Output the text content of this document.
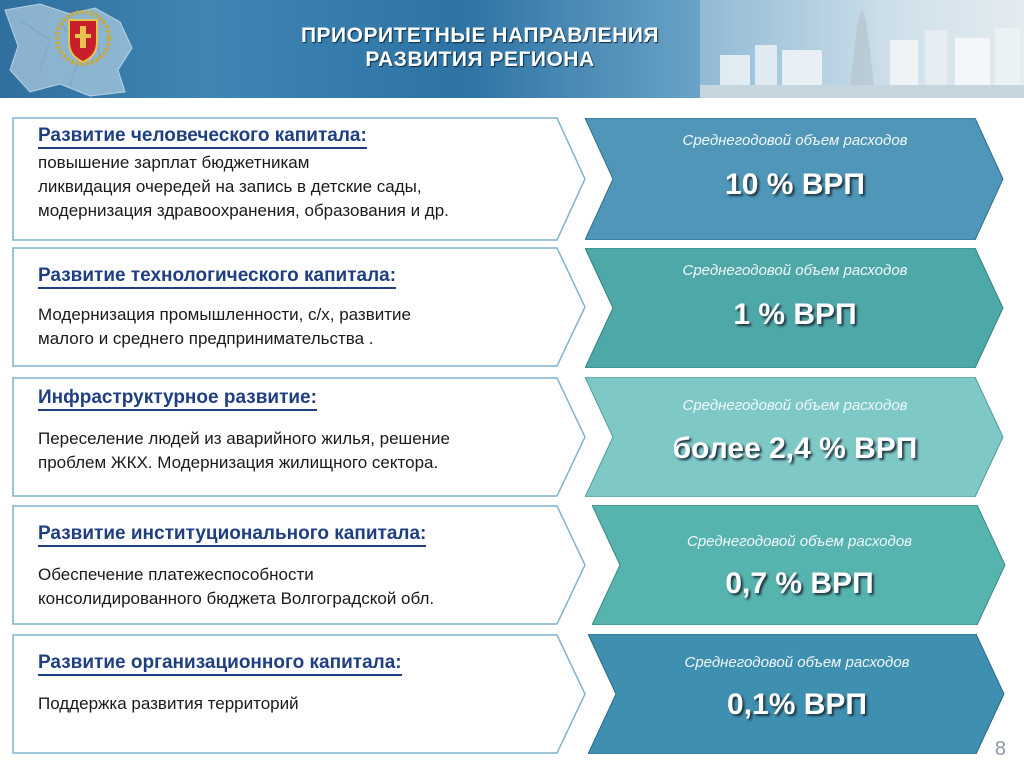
ПРИОРИТЕТНЫЕ НАПРАВЛЕНИЯ
РАЗВИТИЯ РЕГИОНА
Развитие человеческого капитала:
повышение зарплат бюджетникам
ликвидация очередей на запись в детские сады,
модернизация здравоохранения, образования и др.
Среднегодовой объем расходов
10 % ВРП
Развитие технологического капитала:
Модернизация промышленности, с/х, развитие
малого и среднего предпринимательства .
Среднегодовой объем расходов
1 % ВРП
Инфраструктурное развитие:
Переселение людей из аварийного жилья, решение
проблем ЖКХ. Модернизация жилищного сектора.
Среднегодовой объем расходов
более 2,4 % ВРП
Развитие институционального капитала:
Обеспечение платежеспособности
консолидированного бюджета Волгоградской обл.
Среднегодовой объем расходов
0,7 % ВРП
Развитие организационного капитала:
Поддержка развития территорий
Среднегодовой объем расходов
0,1% ВРП
8
